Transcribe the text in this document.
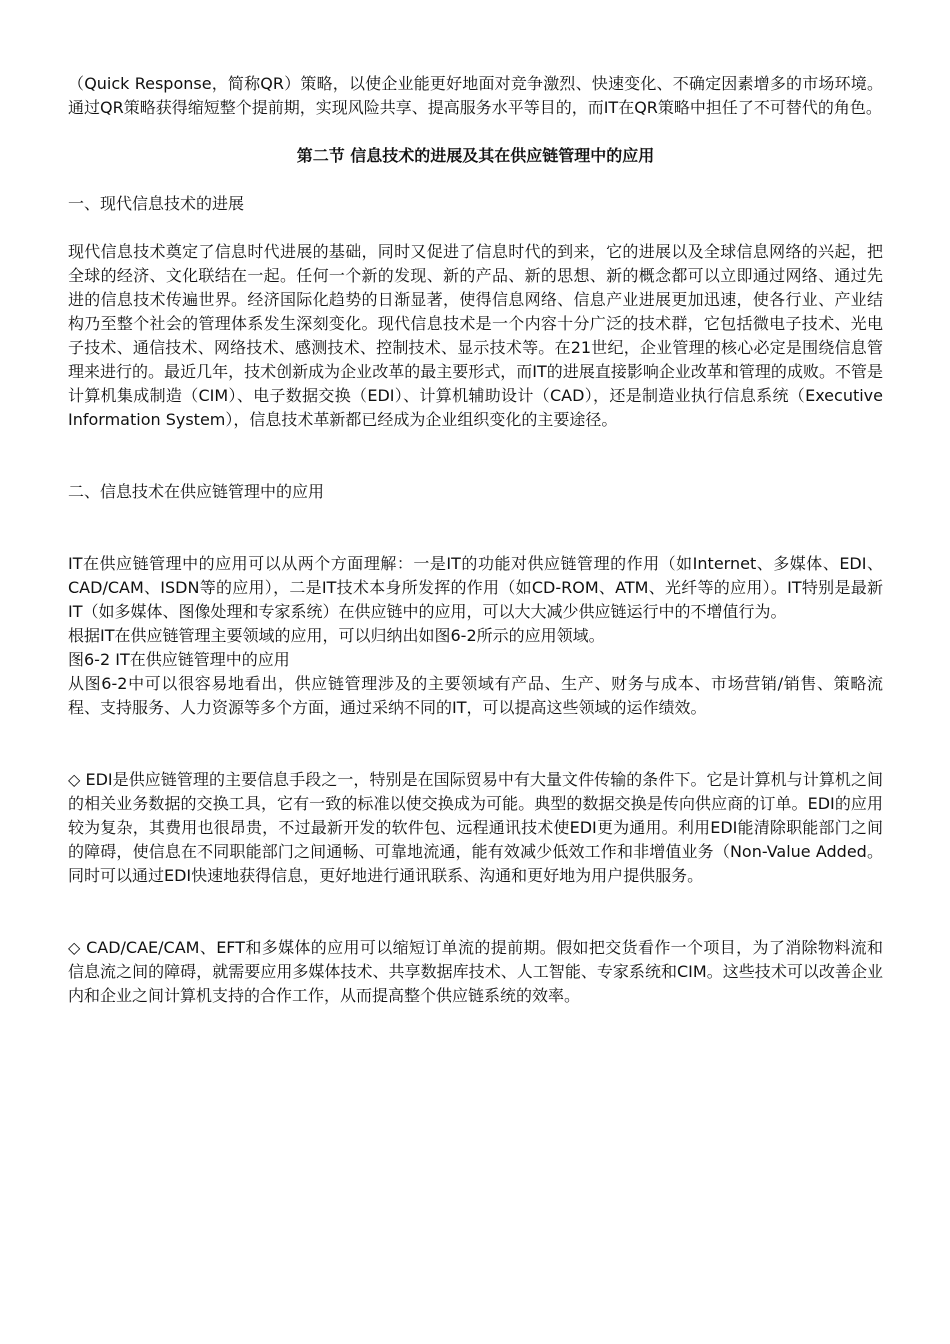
（Quick Response，简称QR）策略，以使企业能更好地面对竞争激烈、快速变化、不确定因素增多的市场环境。通过QR策略获得缩短整个提前期，实现风险共享、提高服务水平等目的，而IT在QR策略中担任了不可替代的角色。

第二节 信息技术的进展及其在供应链管理中的应用

一、现代信息技术的进展

现代信息技术奠定了信息时代进展的基础，同时又促进了信息时代的到来，它的进展以及全球信息网络的兴起，把全球的经济、文化联结在一起。任何一个新的发现、新的产品、新的思想、新的概念都可以立即通过网络、通过先进的信息技术传遍世界。经济国际化趋势的日渐显著，使得信息网络、信息产业进展更加迅速，使各行业、产业结构乃至整个社会的管理体系发生深刻变化。现代信息技术是一个内容十分广泛的技术群，它包括微电子技术、光电子技术、通信技术、网络技术、感测技术、控制技术、显示技术等。在21世纪，企业管理的核心必定是围绕信息管理来进行的。最近几年，技术创新成为企业改革的最主要形式，而IT的进展直接影响企业改革和管理的成败。不管是计算机集成制造（CIM）、电子数据交换（EDI）、计算机辅助设计（CAD），还是制造业执行信息系统（Executive Information System），信息技术革新都已经成为企业组织变化的主要途径。

二、信息技术在供应链管理中的应用

IT在供应链管理中的应用可以从两个方面理解：一是IT的功能对供应链管理的作用（如Internet、多媒体、EDI、CAD/CAM、ISDN等的应用），二是IT技术本身所发挥的作用（如CD-ROM、ATM、光纤等的应用）。IT特别是最新IT（如多媒体、图像处理和专家系统）在供应链中的应用，可以大大减少供应链运行中的不增值行为。

根据IT在供应链管理主要领域的应用，可以归纳出如图6-2所示的应用领域。

图6-2 IT在供应链管理中的应用

从图6-2中可以很容易地看出，供应链管理涉及的主要领域有产品、生产、财务与成本、市场营销/销售、策略流程、支持服务、人力资源等多个方面，通过采纳不同的IT，可以提高这些领域的运作绩效。

◇ EDI是供应链管理的主要信息手段之一，特别是在国际贸易中有大量文件传输的条件下。它是计算机与计算机之间的相关业务数据的交换工具，它有一致的标准以使交换成为可能。典型的数据交换是传向供应商的订单。EDI的应用较为复杂，其费用也很昂贵，不过最新开发的软件包、远程通讯技术使EDI更为通用。利用EDI能清除职能部门之间的障碍，使信息在不同职能部门之间通畅、可靠地流通，能有效减少低效工作和非增值业务（Non-Value Added。同时可以通过EDI快速地获得信息，更好地进行通讯联系、沟通和更好地为用户提供服务。

◇ CAD/CAE/CAM、EFT和多媒体的应用可以缩短订单流的提前期。假如把交货看作一个项目，为了消除物料流和信息流之间的障碍，就需要应用多媒体技术、共享数据库技术、人工智能、专家系统和CIM。这些技术可以改善企业内和企业之间计算机支持的合作工作，从而提高整个供应链系统的效率。
